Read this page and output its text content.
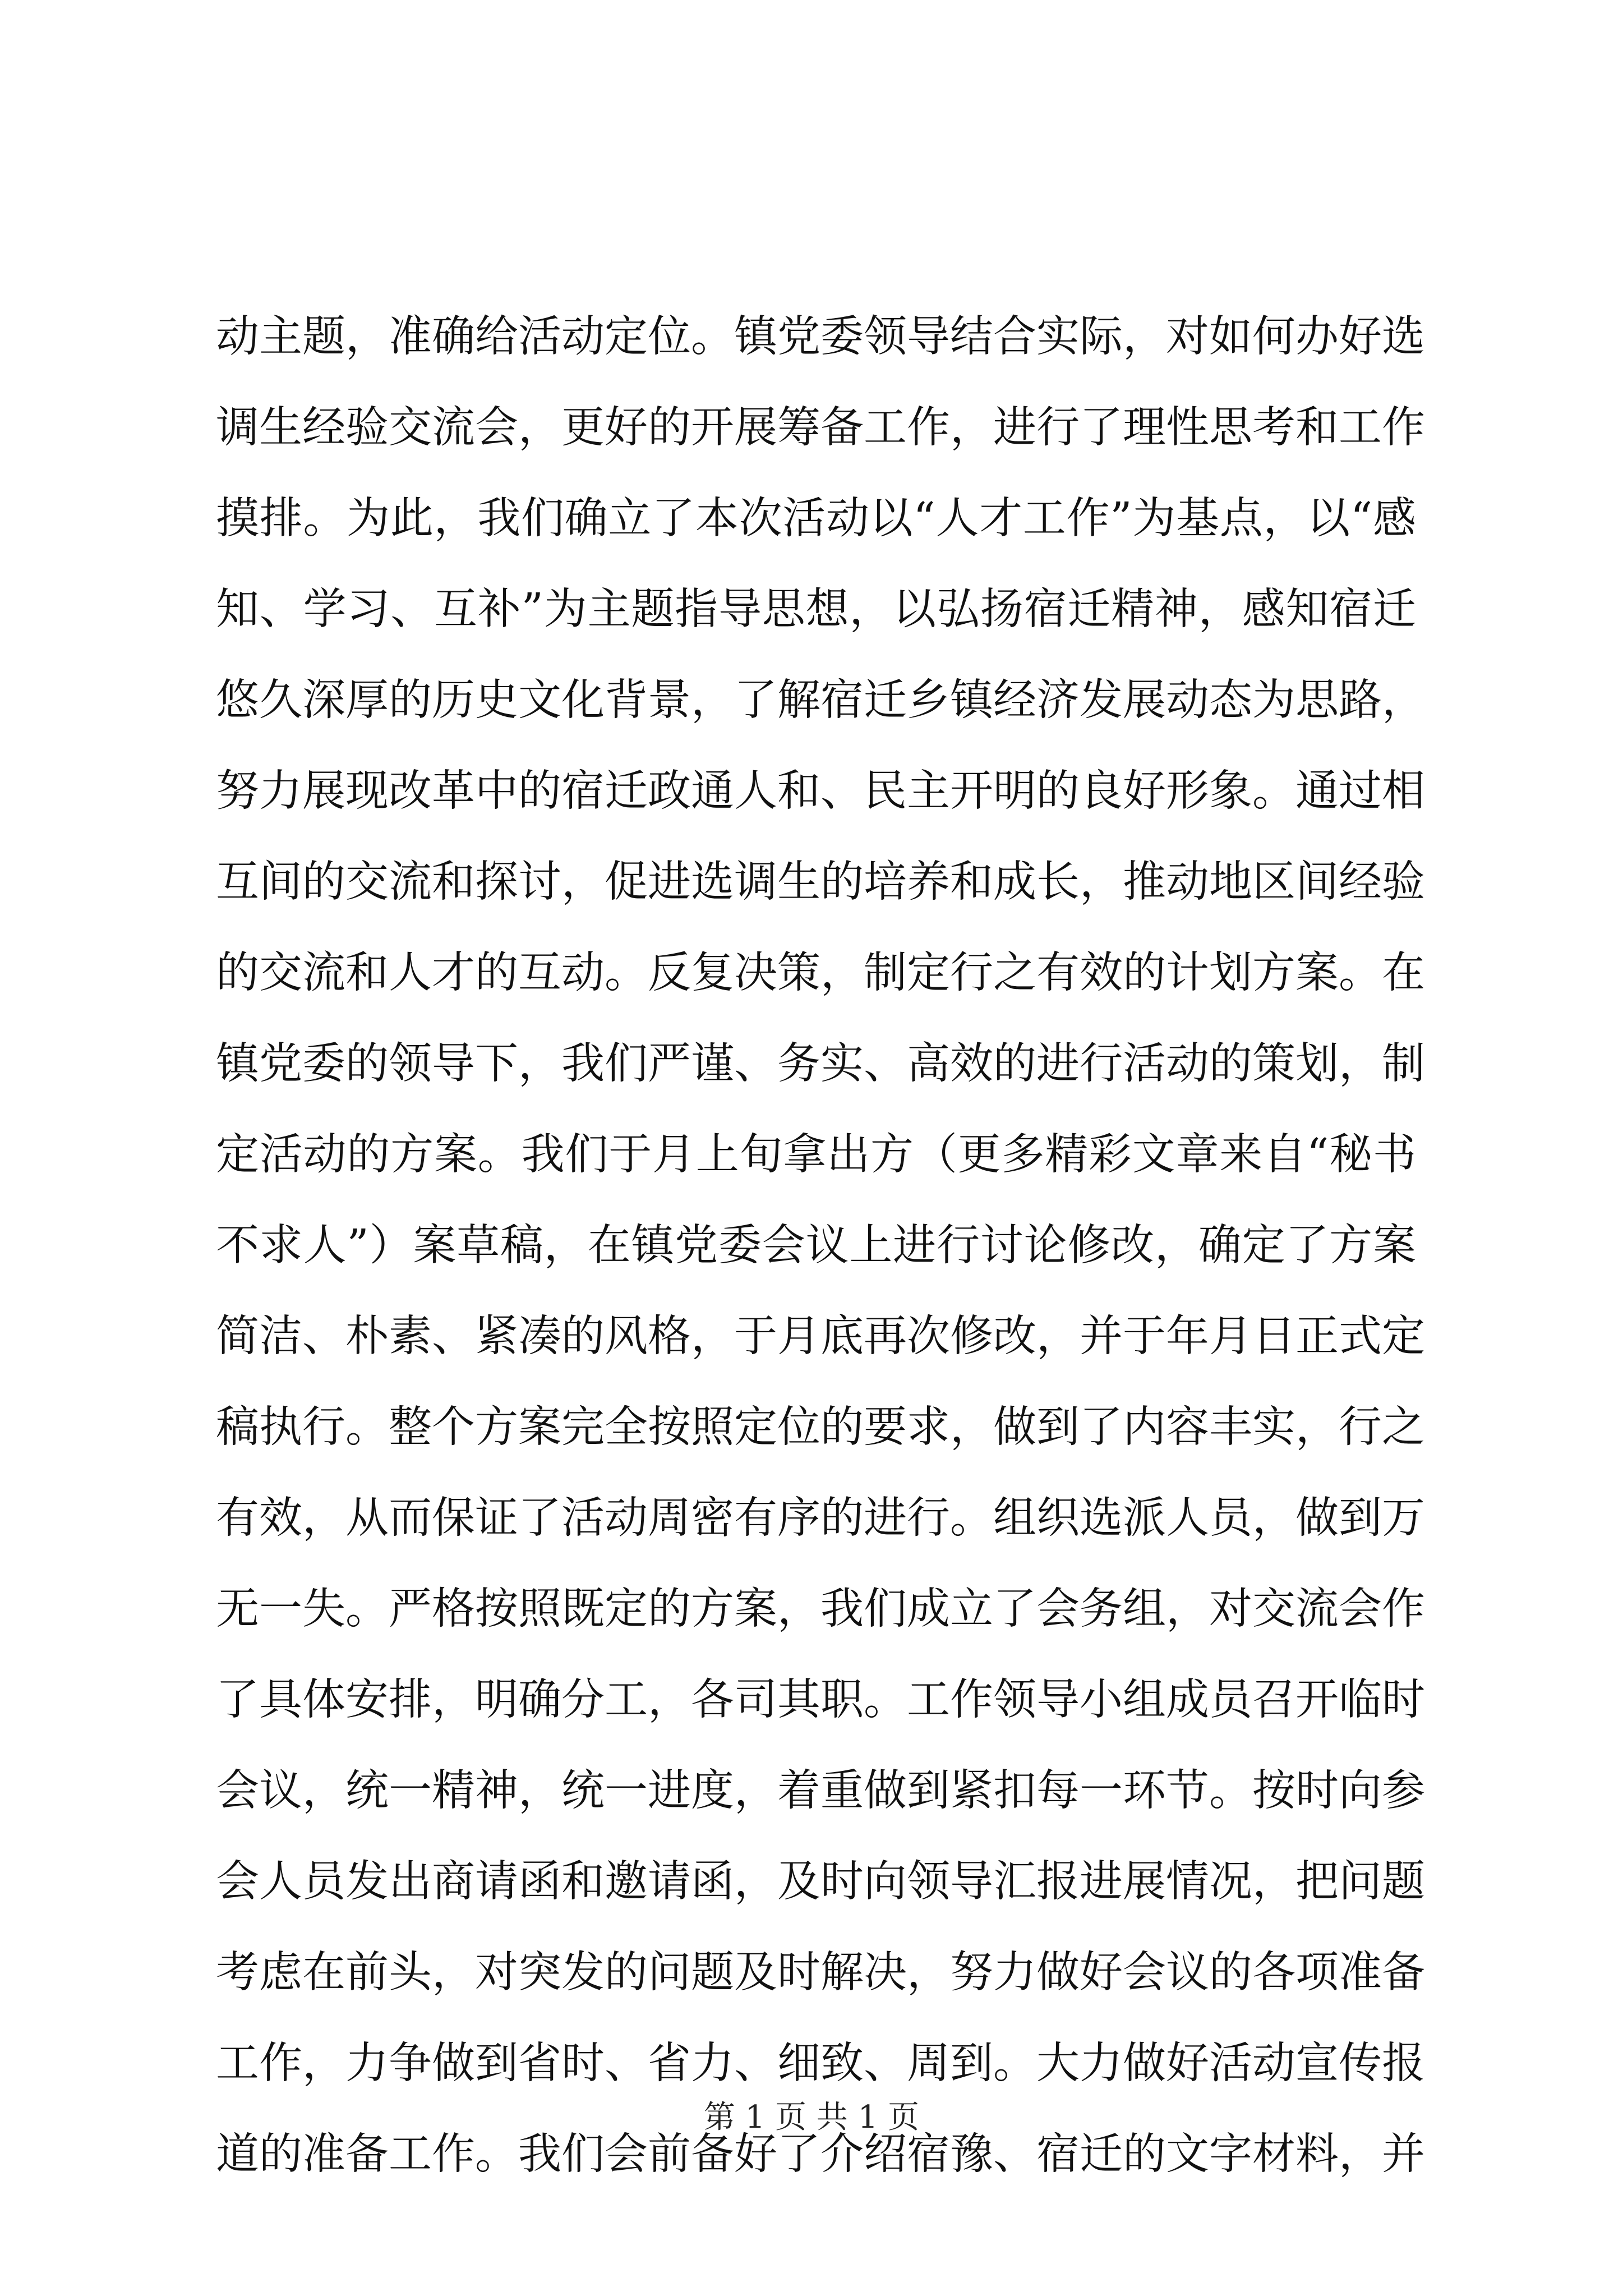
动主题，准确给活动定位。镇党委领导结合实际，对如何办好选
调生经验交流会，更好的开展筹备工作，进行了理性思考和工作
摸排。为此，我们确立了本次活动以“人才工作”为基点，以“感
知、学习、互补”为主题指导思想，以弘扬宿迁精神，感知宿迁
悠久深厚的历史文化背景，了解宿迁乡镇经济发展动态为思路，
努力展现改革中的宿迁政通人和、民主开明的良好形象。通过相
互间的交流和探讨，促进选调生的培养和成长，推动地区间经验
的交流和人才的互动。反复决策，制定行之有效的计划方案。在
镇党委的领导下，我们严谨、务实、高效的进行活动的策划，制
定活动的方案。我们于月上旬拿出方（更多精彩文章来自“秘书
不求人”）案草稿，在镇党委会议上进行讨论修改，确定了方案
简洁、朴素、紧凑的风格，于月底再次修改，并于年月日正式定
稿执行。整个方案完全按照定位的要求，做到了内容丰实，行之
有效，从而保证了活动周密有序的进行。组织选派人员，做到万
无一失。严格按照既定的方案，我们成立了会务组，对交流会作
了具体安排，明确分工，各司其职。工作领导小组成员召开临时
会议，统一精神，统一进度，着重做到紧扣每一环节。按时向参
会人员发出商请函和邀请函，及时向领导汇报进展情况，把问题
考虑在前头，对突发的问题及时解决，努力做好会议的各项准备
工作，力争做到省时、省力、细致、周到。大力做好活动宣传报
道的准备工作。我们会前备好了介绍宿豫、宿迁的文字材料，并
第 1 页 共 1 页
